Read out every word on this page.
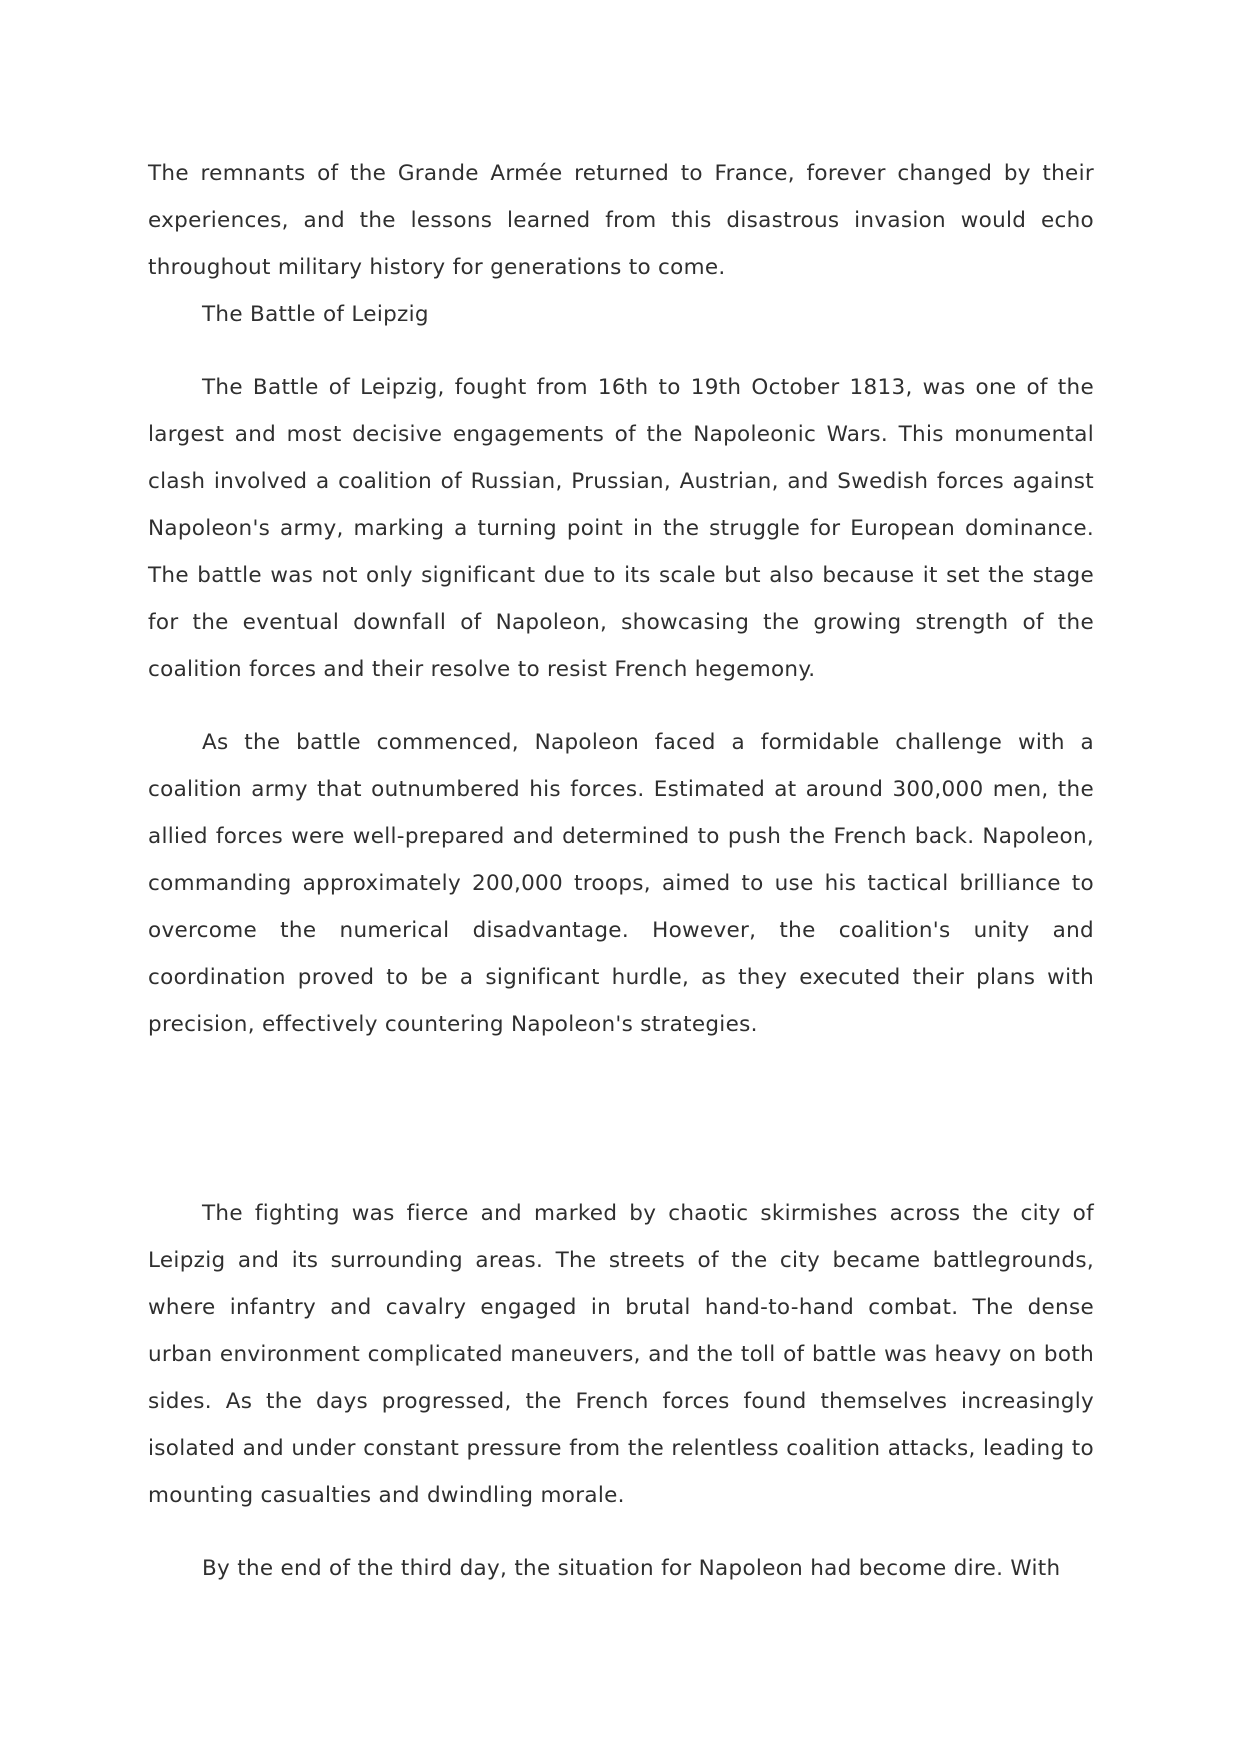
The remnants of the Grande Armée returned to France, forever changed by their experiences, and the lessons learned from this disastrous invasion would echo throughout military history for generations to come.

The Battle of Leipzig

The Battle of Leipzig, fought from 16th to 19th October 1813, was one of the largest and most decisive engagements of the Napoleonic Wars. This monumental clash involved a coalition of Russian, Prussian, Austrian, and Swedish forces against Napoleon's army, marking a turning point in the struggle for European dominance. The battle was not only significant due to its scale but also because it set the stage for the eventual downfall of Napoleon, showcasing the growing strength of the coalition forces and their resolve to resist French hegemony.

As the battle commenced, Napoleon faced a formidable challenge with a coalition army that outnumbered his forces. Estimated at around 300,000 men, the allied forces were well-prepared and determined to push the French back. Napoleon, commanding approximately 200,000 troops, aimed to use his tactical brilliance to overcome the numerical disadvantage. However, the coalition's unity and coordination proved to be a significant hurdle, as they executed their plans with precision, effectively countering Napoleon's strategies.

The fighting was fierce and marked by chaotic skirmishes across the city of Leipzig and its surrounding areas. The streets of the city became battlegrounds, where infantry and cavalry engaged in brutal hand-to-hand combat. The dense urban environment complicated maneuvers, and the toll of battle was heavy on both sides. As the days progressed, the French forces found themselves increasingly isolated and under constant pressure from the relentless coalition attacks, leading to mounting casualties and dwindling morale.

By the end of the third day, the situation for Napoleon had become dire. With
